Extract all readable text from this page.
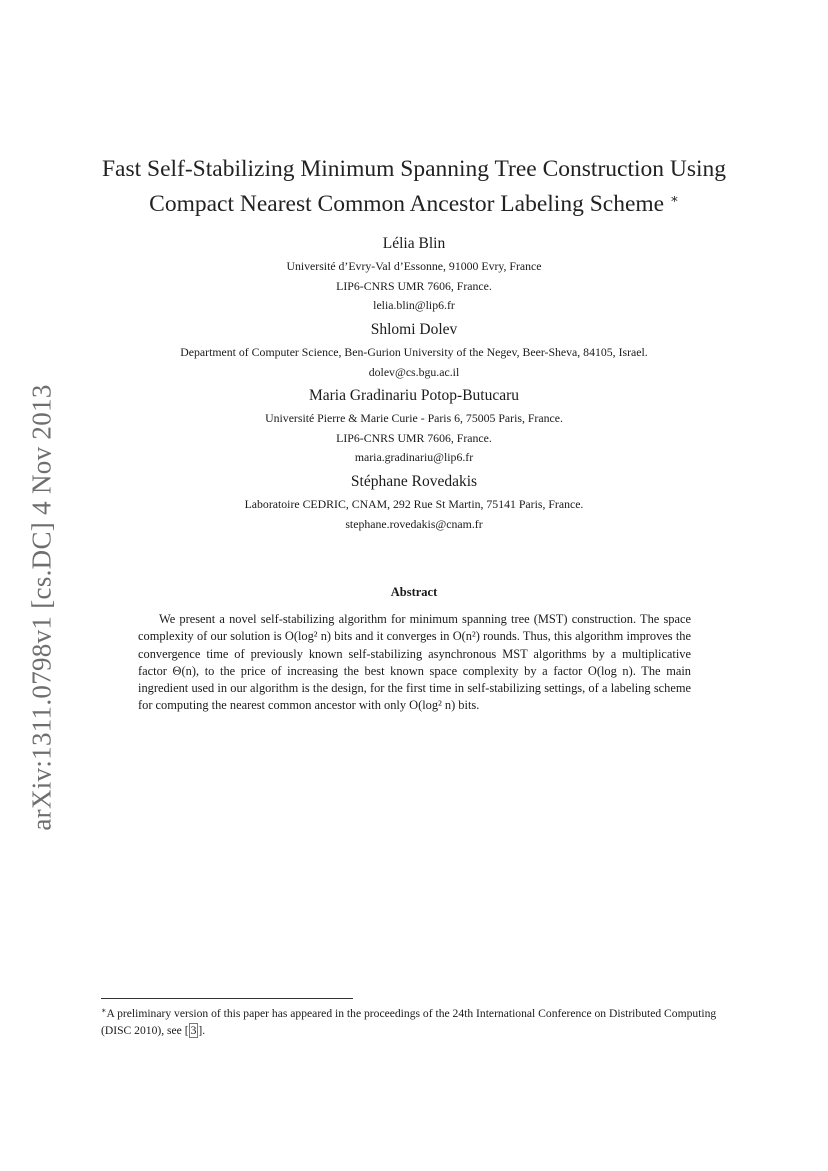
arXiv:1311.0798v1 [cs.DC] 4 Nov 2013
Fast Self-Stabilizing Minimum Spanning Tree Construction Using
Compact Nearest Common Ancestor Labeling Scheme ∗
Lélia Blin
Université d’Evry-Val d’Essonne, 91000 Evry, France
LIP6-CNRS UMR 7606, France.
lelia.blin@lip6.fr
Shlomi Dolev
Department of Computer Science, Ben-Gurion University of the Negev, Beer-Sheva, 84105, Israel.
dolev@cs.bgu.ac.il
Maria Gradinariu Potop-Butucaru
Université Pierre & Marie Curie - Paris 6, 75005 Paris, France.
LIP6-CNRS UMR 7606, France.
maria.gradinariu@lip6.fr
Stéphane Rovedakis
Laboratoire CEDRIC, CNAM, 292 Rue St Martin, 75141 Paris, France.
stephane.rovedakis@cnam.fr
Abstract

We present a novel self-stabilizing algorithm for minimum spanning tree (MST) construction. The space complexity of our solution is O(log² n) bits and it converges in O(n²) rounds. Thus, this algorithm improves the convergence time of previously known self-stabilizing asynchronous MST algorithms by a multiplicative factor Θ(n), to the price of increasing the best known space complexity by a factor O(log n). The main ingredient used in our algorithm is the design, for the first time in self-stabilizing settings, of a labeling scheme for computing the nearest common ancestor with only O(log² n) bits.

∗A preliminary version of this paper has appeared in the proceedings of the 24th International Conference on Distributed Computing (DISC 2010), see [ 3 ].
